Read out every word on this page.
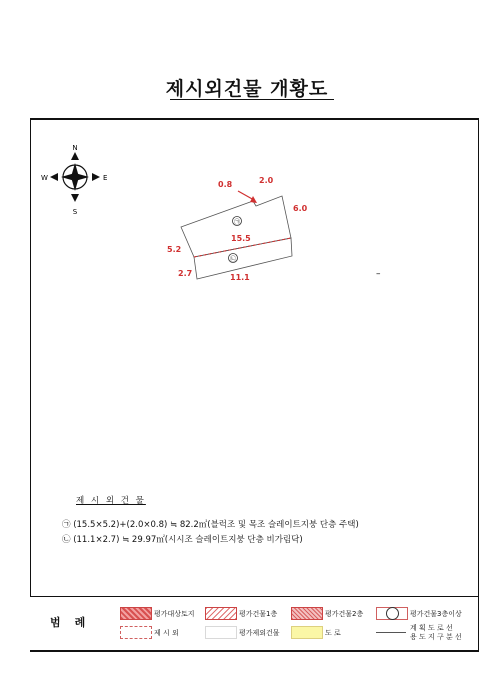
제시외건물 개황도
N
S
E
W
㉠
㉡
0.8	2.0
6.0
15.5
5.2
2.7	11.1	–
제 시 외 건 물
㉠ (15.5×5.2)+(2.0×0.8) ≒ 82.2㎡(블럭조 및 목조 슬레이트지붕 단층 주택)
㉡ (11.1×2.7) ≒ 29.97㎡(시시조 슬레이트지붕 단층 비가림닥)
범례
평가대상토지	평가건물1층	평가건물2층	평가건물3층이상
제 시 외	평가제외건물	도 로
계 획 도 로 선
용 도 지 구 분 선
